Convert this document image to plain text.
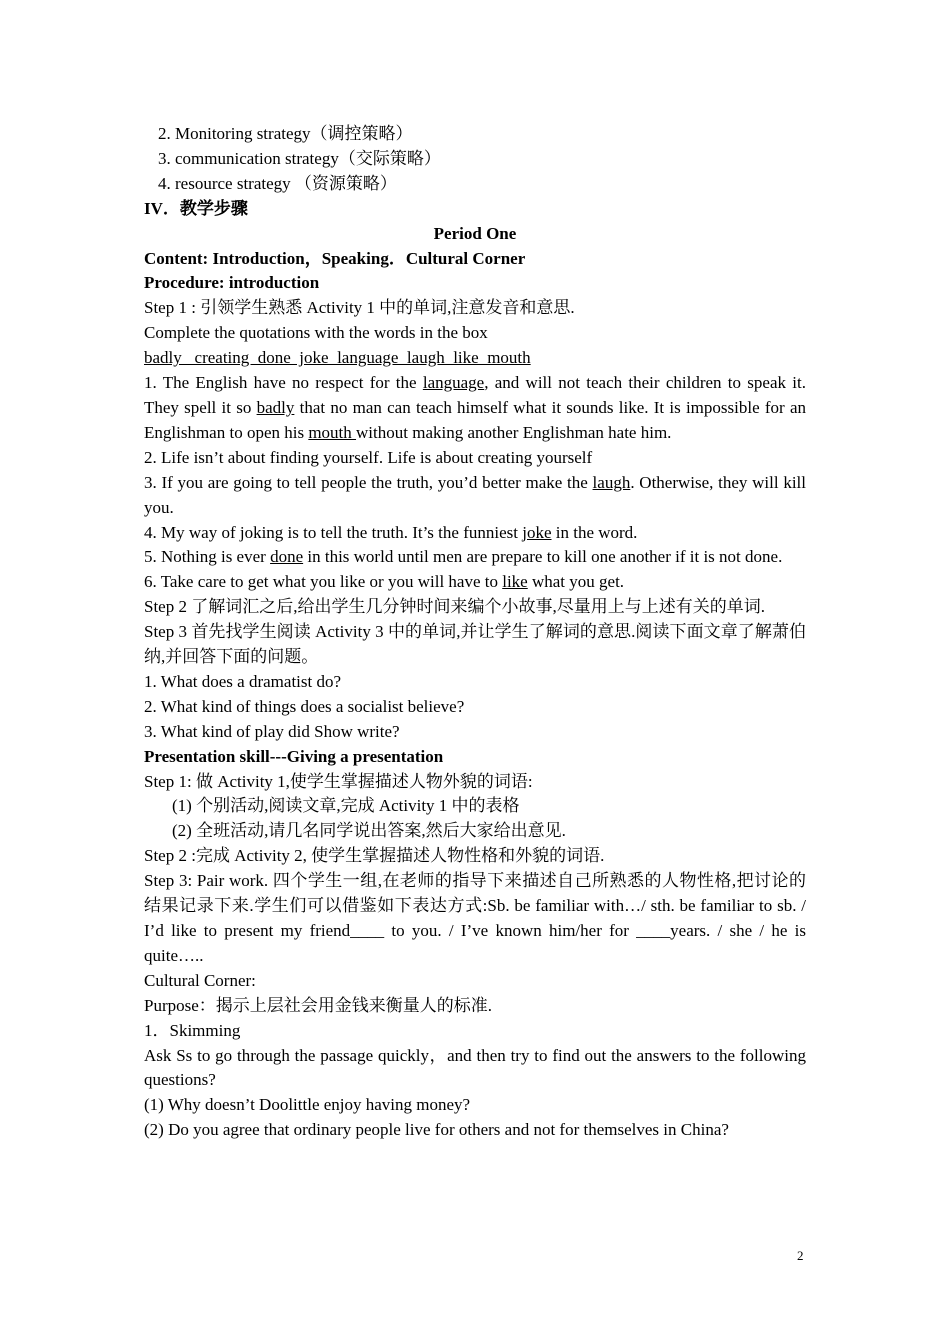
2. Monitoring strategy（调控策略）
3. communication strategy（交际策略）
4. resource strategy （资源策略）
IV．教学步骤
Period One
Content: Introduction，Speaking．Cultural Corner
Procedure: introduction
Step 1 : 引领学生熟悉 Activity 1 中的单词,注意发音和意思.
Complete the quotations with the words in the box
badly   creating  done  joke  language  laugh  like  mouth
1. The English have no respect for the language, and will not teach their children to speak it. They spell it so badly that no man can teach himself what it sounds like. It is impossible for an Englishman to open his mouth without making another Englishman hate him.
2. Life isn’t about finding yourself. Life is about creating yourself
3. If you are going to tell people the truth, you’d better make the laugh. Otherwise, they will kill you.
4. My way of joking is to tell the truth. It’s the funniest joke in the word.
5. Nothing is ever done in this world until men are prepare to kill one another if it is not done.
6. Take care to get what you like or you will have to like what you get.
Step 2 了解词汇之后,给出学生几分钟时间来编个小故事,尽量用上与上述有关的单词.
Step 3 首先找学生阅读 Activity 3 中的单词,并让学生了解词的意思.阅读下面文章了解萧伯纳,并回答下面的问题。
1. What does a dramatist do?
2. What kind of things does a socialist believe?
3. What kind of play did Show write?
Presentation skill---Giving a presentation
Step 1: 做 Activity 1,使学生掌握描述人物外貌的词语:
(1) 个别活动,阅读文章,完成 Activity 1 中的表格
(2) 全班活动,请几名同学说出答案,然后大家给出意见.
Step 2 :完成 Activity 2, 使学生掌握描述人物性格和外貌的词语.
Step 3: Pair work. 四个学生一组,在老师的指导下来描述自己所熟悉的人物性格,把讨论的结果记录下来.学生们可以借鉴如下表达方式:Sb. be familiar with…/ sth. be familiar to sb. / I’d like to present my friend____ to you. / I’ve known him/her for ____years. / she / he is quite…..
Cultural Corner:
Purpose：揭示上层社会用金钱来衡量人的标准.
1．Skimming
Ask Ss to go through the passage quickly，and then try to find out the answers to the following questions?
(1) Why doesn’t Doolittle enjoy having money?
(2) Do you agree that ordinary people live for others and not for themselves in China?
2
